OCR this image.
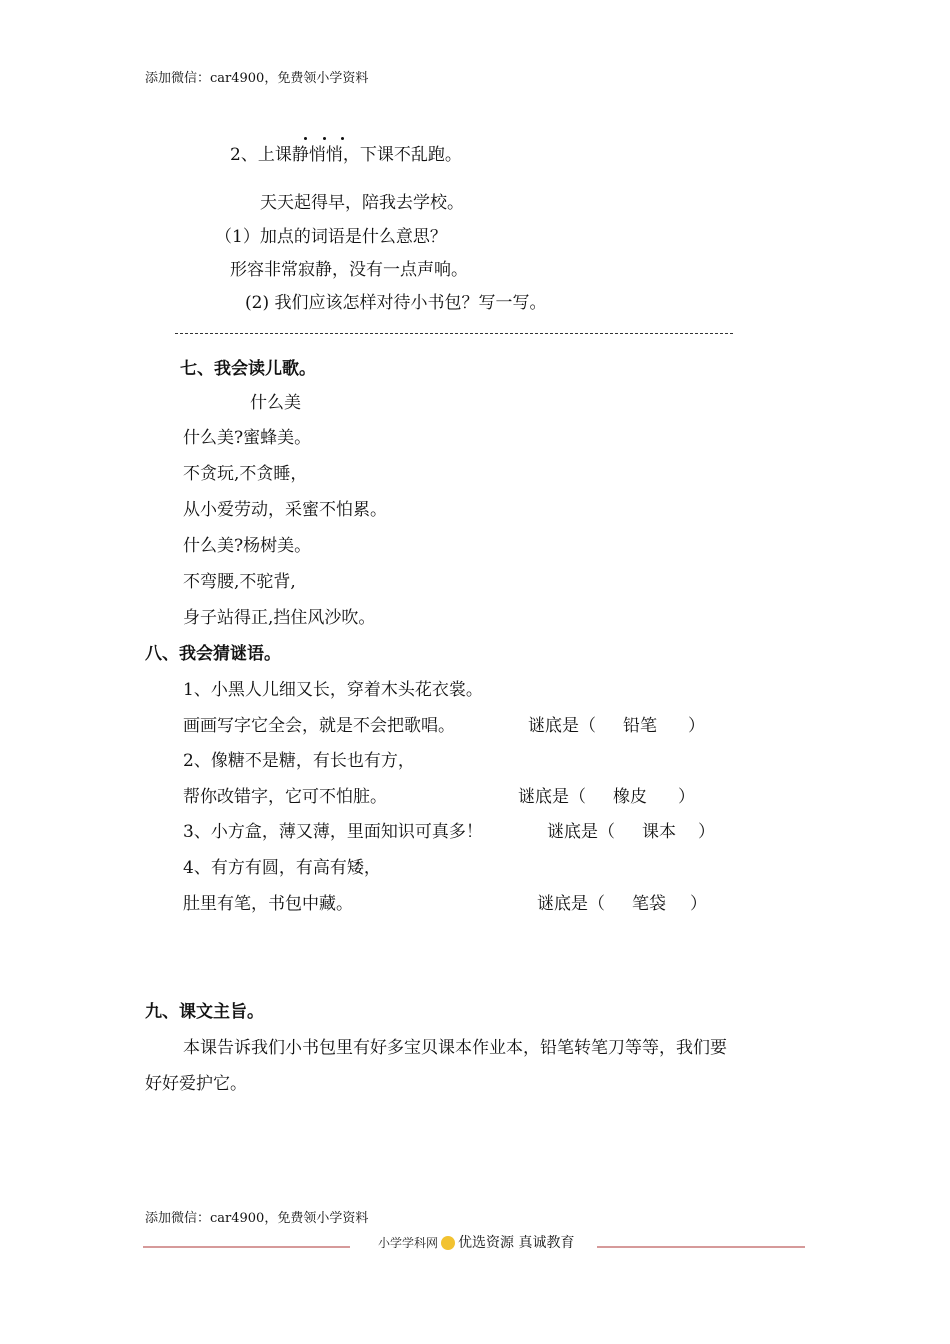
添加微信：car4900，免费领小学资料
2、上课静悄悄，下课不乱跑。
天天起得早，陪我去学校。
（1）加点的词语是什么意思？
形容非常寂静，没有一点声响。
(2) 我们应该怎样对待小书包？写一写。
七、我会读儿歌。
什么美
什么美?蜜蜂美。
不贪玩,不贪睡，
从小爱劳动，采蜜不怕累。
什么美?杨树美。
不弯腰,不驼背,
身子站得正,挡住风沙吹。
八、我会猜谜语。
1、小黑人儿细又长，穿着木头花衣裳。
画画写字它全会，就是不会把歌唱。	谜底是（ 铅笔 ）
2、像糖不是糖，有长也有方，
帮你改错字，它可不怕脏。	谜底是（ 橡皮 ）
3、小方盒，薄又薄，里面知识可真多！	谜底是（ 课本 ）
4、有方有圆，有高有矮，
肚里有笔，书包中藏。	谜底是（ 笔袋 ）
九、课文主旨。
本课告诉我们小书包里有好多宝贝课本作业本，铅笔转笔刀等等，我们要
好好爱护它。
添加微信：car4900，免费领小学资料
小学学科网 优选资源 真诚教育
